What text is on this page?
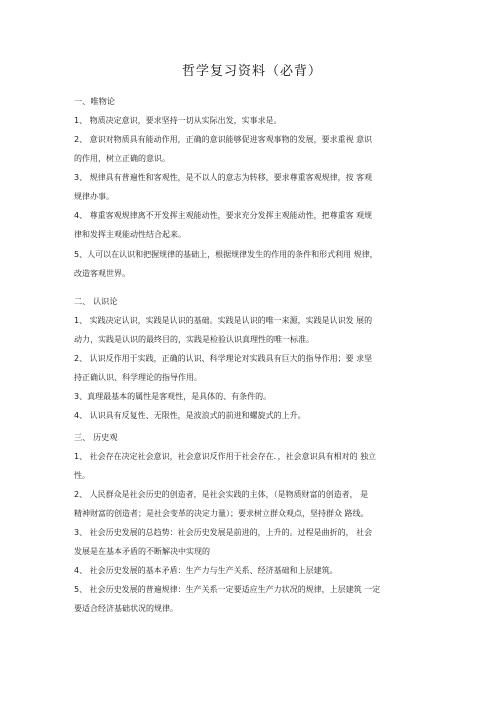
哲学复习资料（必背）
一、唯物论
1、 物质决定意识，要求坚持一切从实际出发，实事求是。
2、 意识对物质具有能动作用，正确的意识能够促进客观事物的发展，要求重视 意识
的作用，树立正确的意识。
3、 规律具有普遍性和客观性，是不以人的意志为转移，要求尊重客观规律，按 客观
规律办事。
4、 尊重客观规律离不开发挥主观能动性，要求充分发挥主观能动性，把尊重客 观规
律和发挥主观能动性结合起来。
5、人可以在认识和把握规律的基础上，根据规律发生的作用的条件和形式利用 规律，
改造客观世界。
二、 认识论
1、 实践决定认识，实践是认识的基础。实践是认识的唯一来源，实践是认识发 展的
动力，实践是认识的最终目的，实践是检验认识真理性的唯一标准。
2、 认识反作用于实践，正确的认识、科学理论对实践具有巨大的指导作用；要 求坚
持正确认识、科学理论的指导作用。
3、真理最基本的属性是客观性，是具体的、有条件的。
4、 认识具有反复性、无限性，是波浪式的前进和螺旋式的上升。
三、 历史观
1、 社会存在决定社会意识，社会意识反作用于社会存在．，社会意识具有相对的 独立
性。
2、 人民群众是社会历史的创造者，是社会实践的主体，（是物质财富的创造者， 是
精神财富的创造者；是社会变革的决定力量）；要求树立群众观点，坚持群众 路线。
3、 社会历史发展的总趋势：社会历史发展是前进的，上升的。过程是曲折的， 社会
发展是在基本矛盾的不断解决中实现的
4、 社会历史发展的基本矛盾：生产力与生产关系、经济基础和上层建筑。
5、 社会历史发展的普遍规律：生产关系一定要适应生产力状况的规律，上层建筑 一定
要适合经济基础状况的规律。
